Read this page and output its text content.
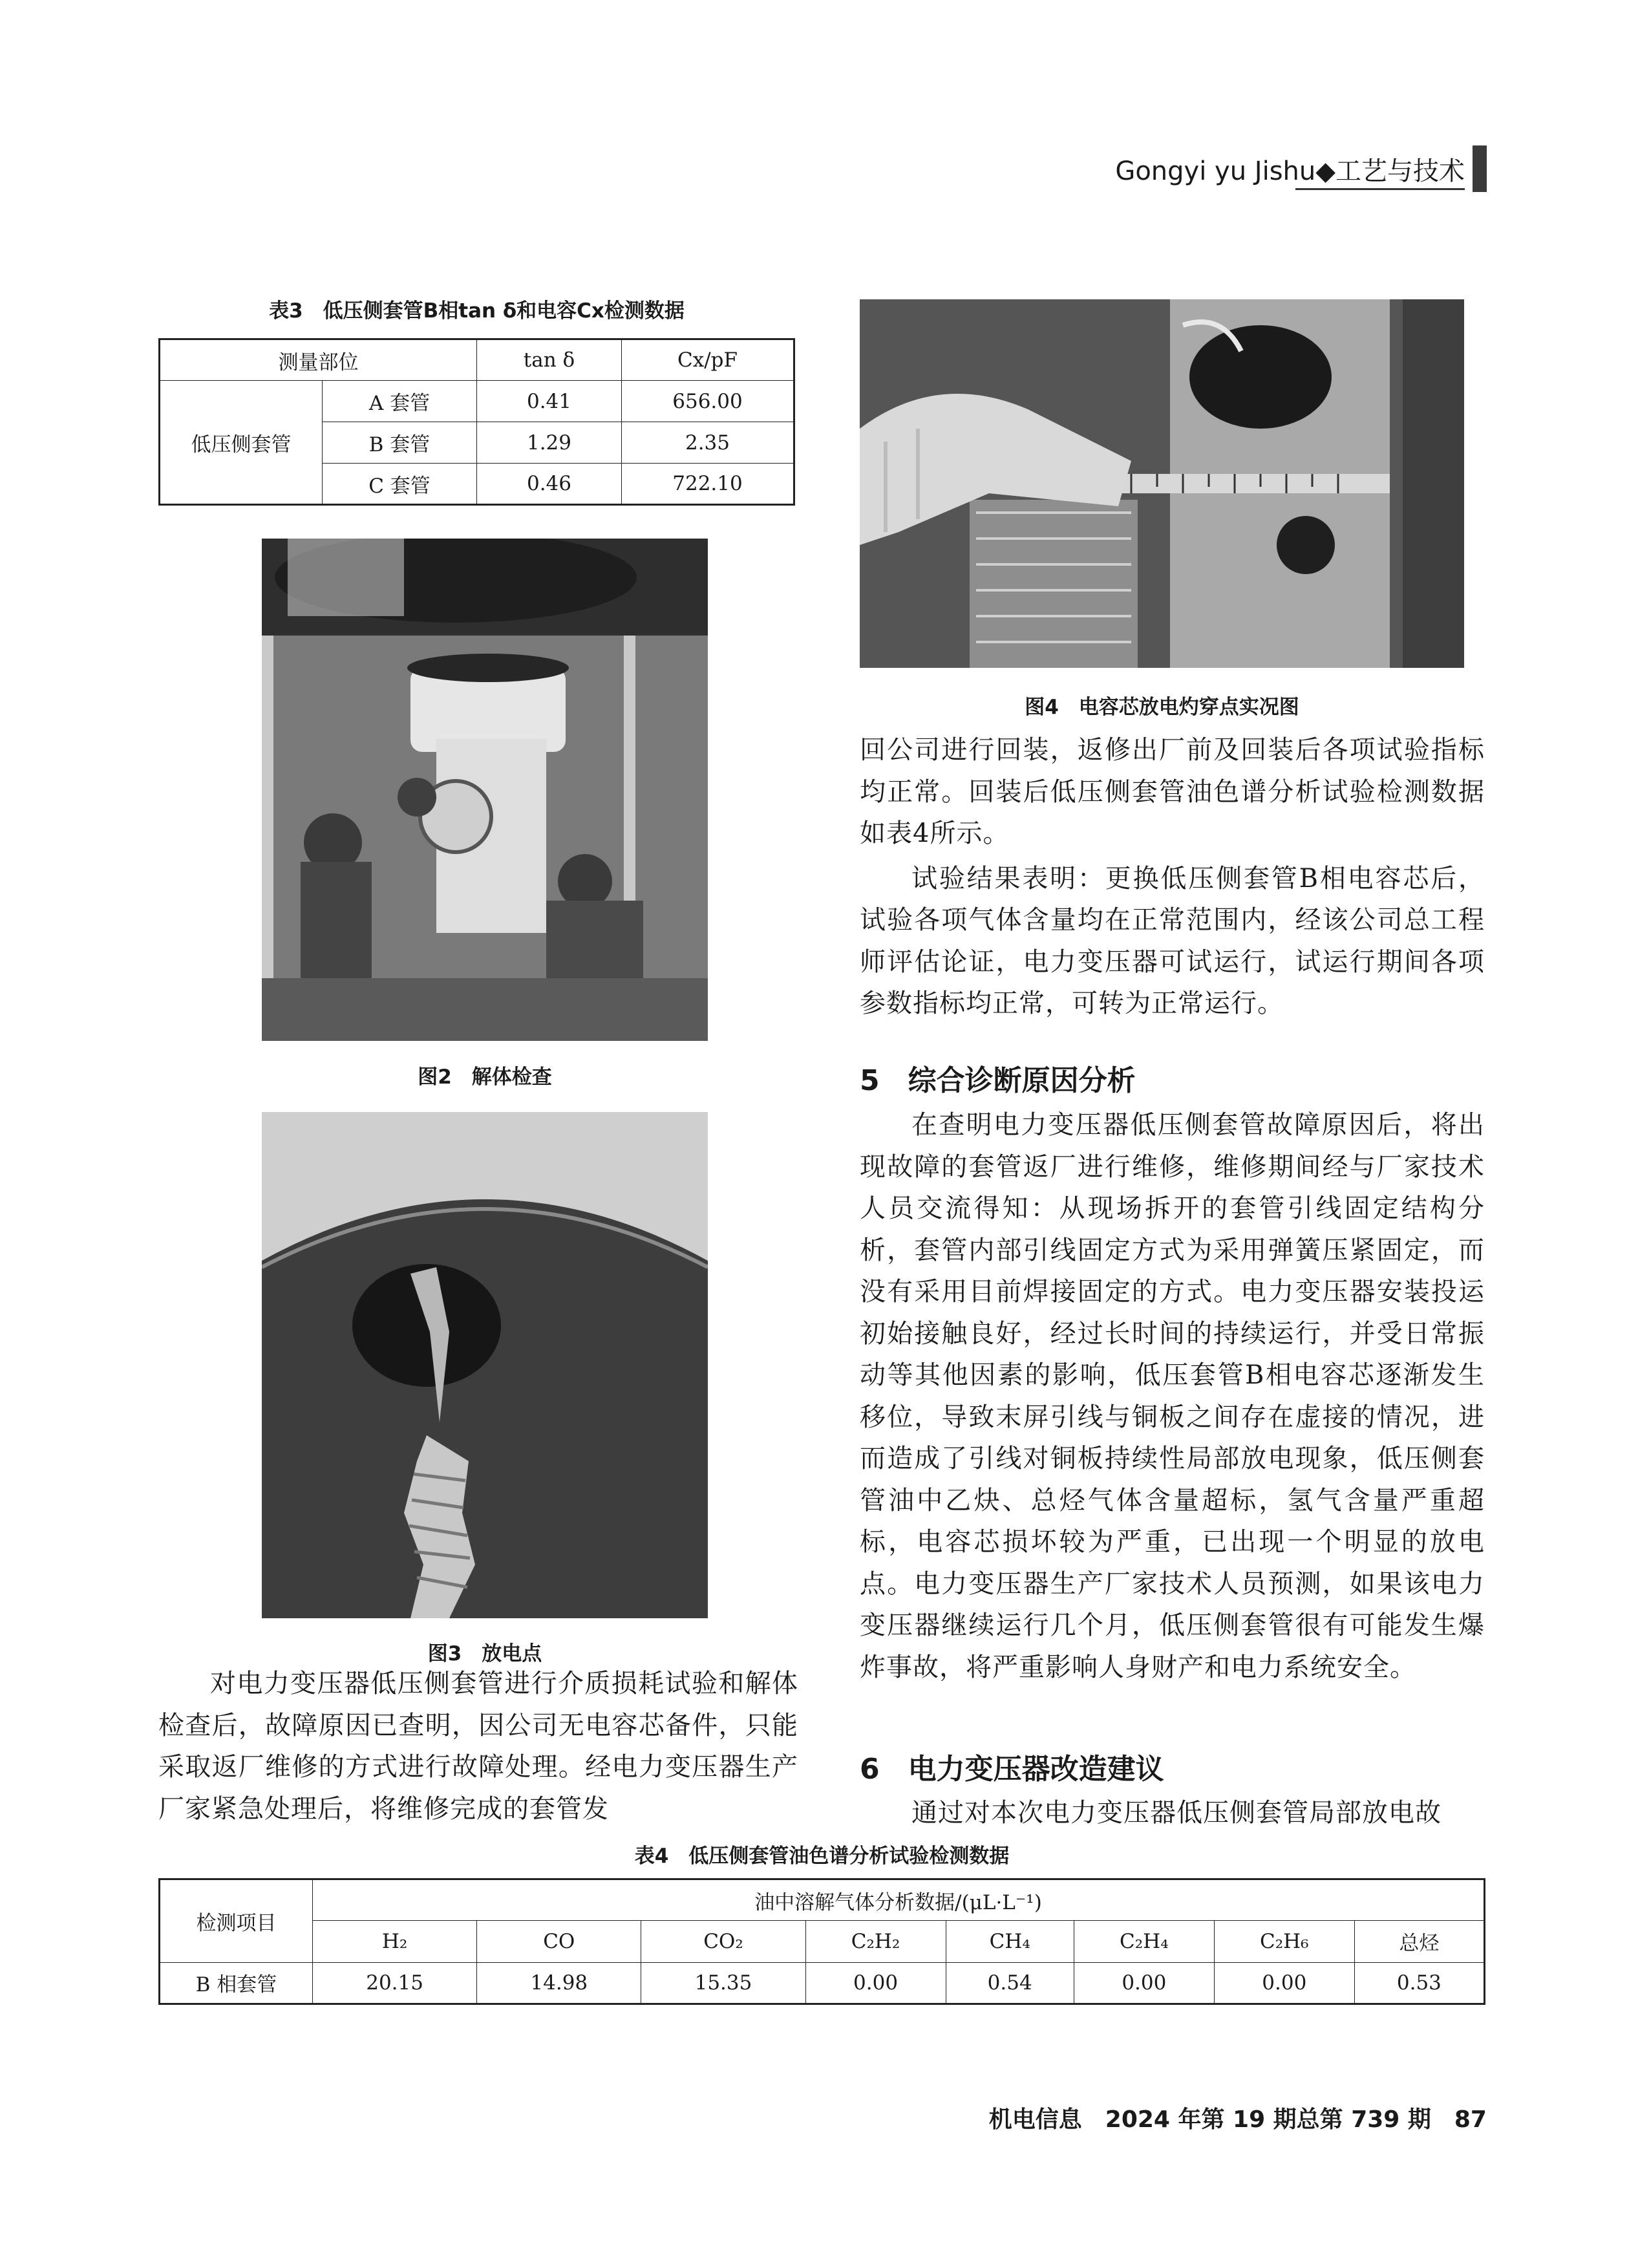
Gongyi yu Jishu◆工艺与技术
表3　低压侧套管B相tan δ和电容Cx检测数据
测量部位		tan δ	Cx/pF
低压侧套管	A 套管	0.41	656.00
	B 套管	1.29	2.35
	C 套管	0.46	722.10
图2　解体检查
图3　放电点

对电力变压器低压侧套管进行介质损耗试验和解体检查后，故障原因已查明，因公司无电容芯备件，只能采取返厂维修的方式进行故障处理。经电力变压器生产厂家紧急处理后，将维修完成的套管发

图4　电容芯放电灼穿点实况图

回公司进行回装，返修出厂前及回装后各项试验指标均正常。回装后低压侧套管油色谱分析试验检测数据如表4所示。

试验结果表明：更换低压侧套管B相电容芯后，试验各项气体含量均在正常范围内，经该公司总工程师评估论证，电力变压器可试运行，试运行期间各项参数指标均正常，可转为正常运行。

5　综合诊断原因分析

在查明电力变压器低压侧套管故障原因后，将出现故障的套管返厂进行维修，维修期间经与厂家技术人员交流得知：从现场拆开的套管引线固定结构分析，套管内部引线固定方式为采用弹簧压紧固定，而没有采用目前焊接固定的方式。电力变压器安装投运初始接触良好，经过长时间的持续运行，并受日常振动等其他因素的影响，低压套管B相电容芯逐渐发生移位，导致末屏引线与铜板之间存在虚接的情况，进而造成了引线对铜板持续性局部放电现象，低压侧套管油中乙炔、总烃气体含量超标，氢气含量严重超标，电容芯损坏较为严重，已出现一个明显的放电点。电力变压器生产厂家技术人员预测，如果该电力变压器继续运行几个月，低压侧套管很有可能发生爆炸事故，将严重影响人身财产和电力系统安全。

6　电力变压器改造建议

通过对本次电力变压器低压侧套管局部放电故

表4　低压侧套管油色谱分析试验检测数据
检测项目	油中溶解气体分析数据/(μL·L⁻¹)							
	H₂	CO	CO₂	C₂H₂	CH₄	C₂H₄	C₂H₆	总烃
B 相套管	20.15	14.98	15.35	0.00	0.54	0.00	0.00	0.53
机电信息　2024 年第 19 期总第 739 期　87
